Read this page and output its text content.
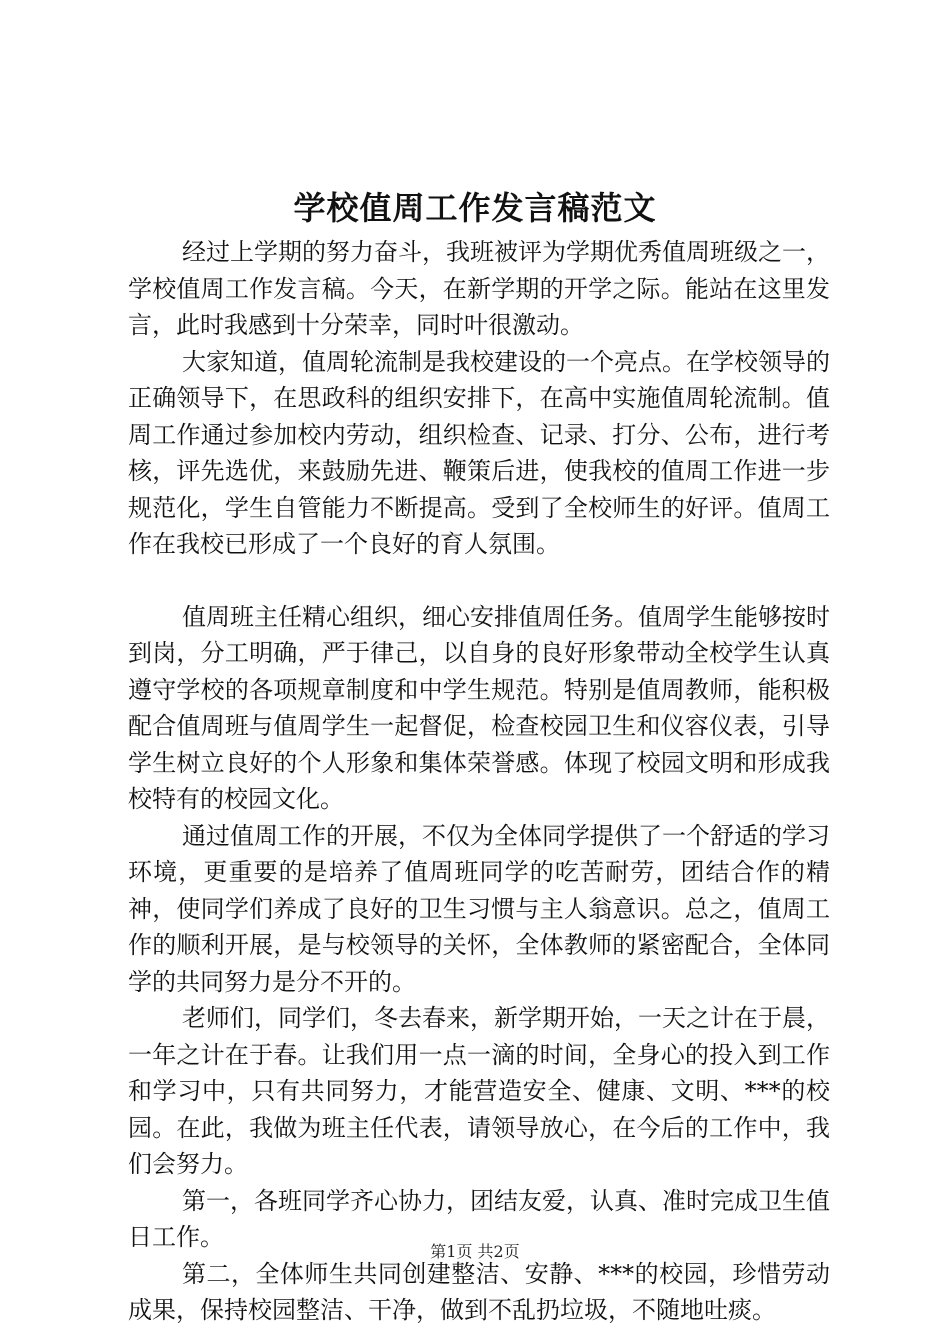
学校值周工作发言稿范文

经过上学期的努力奋斗，我班被评为学期优秀值周班级之一，学校值周工作发言稿。今天，在新学期的开学之际。能站在这里发言，此时我感到十分荣幸，同时叶很激动。

大家知道，值周轮流制是我校建设的一个亮点。在学校领导的正确领导下，在思政科的组织安排下，在高中实施值周轮流制。值周工作通过参加校内劳动，组织检查、记录、打分、公布，进行考核，评先选优，来鼓励先进、鞭策后进，使我校的值周工作进一步规范化，学生自管能力不断提高。受到了全校师生的好评。值周工作在我校已形成了一个良好的育人氛围。

值周班主任精心组织，细心安排值周任务。值周学生能够按时到岗，分工明确，严于律己，以自身的良好形象带动全校学生认真遵守学校的各项规章制度和中学生规范。特别是值周教师，能积极配合值周班与值周学生一起督促，检查校园卫生和仪容仪表，引导学生树立良好的个人形象和集体荣誉感。体现了校园文明和形成我校特有的校园文化。

通过值周工作的开展，不仅为全体同学提供了一个舒适的学习环境，更重要的是培养了值周班同学的吃苦耐劳，团结合作的精神，使同学们养成了良好的卫生习惯与主人翁意识。总之，值周工作的顺利开展，是与校领导的关怀，全体教师的紧密配合，全体同学的共同努力是分不开的。

老师们，同学们，冬去春来，新学期开始，一天之计在于晨，一年之计在于春。让我们用一点一滴的时间，全身心的投入到工作和学习中，只有共同努力，才能营造安全、健康、文明、***的校园。在此，我做为班主任代表，请领导放心，在今后的工作中，我们会努力。

第一，各班同学齐心协力，团结友爱，认真、准时完成卫生值日工作。

第二，全体师生共同创建整洁、安静、***的校园，珍惜劳动成果，保持校园整洁、干净，做到不乱扔垃圾，不随地吐痰。

第1页 共2页
